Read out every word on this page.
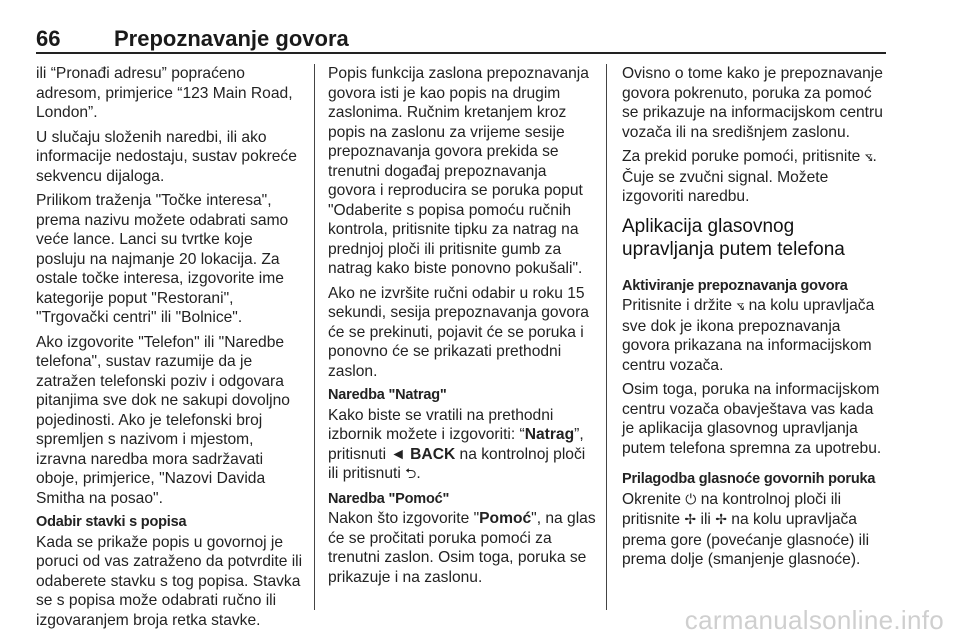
66 Prepoznavanje govora

ili “Pronađi adresu” popraćeno adresom, primjerice “123 Main Road, London”.

U slučaju složenih naredbi, ili ako informacije nedostaju, sustav pokreće sekvencu dijaloga.

Prilikom traženja "Točke interesa", prema nazivu možete odabrati samo veće lance. Lanci su tvrtke koje posluju na najmanje 20 lokacija. Za ostale točke interesa, izgovorite ime kategorije poput "Restorani", "Trgovački centri" ili "Bolnice".

Ako izgovorite "Telefon" ili "Naredbe telefona", sustav razumije da je zatražen telefonski poziv i odgovara pitanjima sve dok ne sakupi dovoljno pojedinosti. Ako je telefonski broj spremljen s nazivom i mjestom, izravna naredba mora sadržavati oboje, primjerice, "Nazovi Davida Smitha na posao".

Odabir stavki s popisa

Kada se prikaže popis u govornoj je poruci od vas zatraženo da potvrdite ili odaberete stavku s tog popisa. Stavka se s popisa može odabrati ručno ili izgovaranjem broja retka stavke.

Popis funkcija zaslona prepoznavanja govora isti je kao popis na drugim zaslonima. Ručnim kretanjem kroz popis na zaslonu za vrijeme sesije prepoznavanja govora prekida se trenutni događaj prepoznavanja govora i reproducira se poruka poput "Odaberite s popisa pomoću ručnih kontrola, pritisnite tipku za natrag na prednjoj ploči ili pritisnite gumb za natrag kako biste ponovno pokušali".

Ako ne izvršite ručni odabir u roku 15 sekundi, sesija prepoznavanja govora će se prekinuti, pojavit će se poruka i ponovno će se prikazati prethodni zaslon.

Naredba "Natrag"

Kako biste se vratili na prethodni izbornik možete i izgovoriti: “Natrag”, pritisnuti ◄ BACK na kontrolnoj ploči ili pritisnuti ⮌.

Naredba "Pomoć"

Nakon što izgovorite "Pomoć", na glas će se pročitati poruka pomoći za trenutni zaslon. Osim toga, poruka se prikazuje i na zaslonu.

Ovisno o tome kako je prepoznavanje govora pokrenuto, poruka za pomoć se prikazuje na informacijskom centru vozača ili na središnjem zaslonu.

Za prekid poruke pomoći, pritisnite ⦪. Čuje se zvučni signal. Možete izgovoriti naredbu.

Aplikacija glasovnog upravljanja putem telefona

Aktiviranje prepoznavanja govora

Pritisnite i držite ⦪ na kolu upravljača sve dok je ikona prepoznavanja govora prikazana na informacijskom centru vozača.

Osim toga, poruka na informacijskom centru vozača obavještava vas kada je aplikacija glasovnog upravljanja putem telefona spremna za upotrebu.

Prilagodba glasnoće govornih poruka

Okrenite ⏻ na kontrolnoj ploči ili pritisnite ✢ ili ✢ na kolu upravljača prema gore (povećanje glasnoće) ili prema dolje (smanjenje glasnoće).

carmanualsonline.info
